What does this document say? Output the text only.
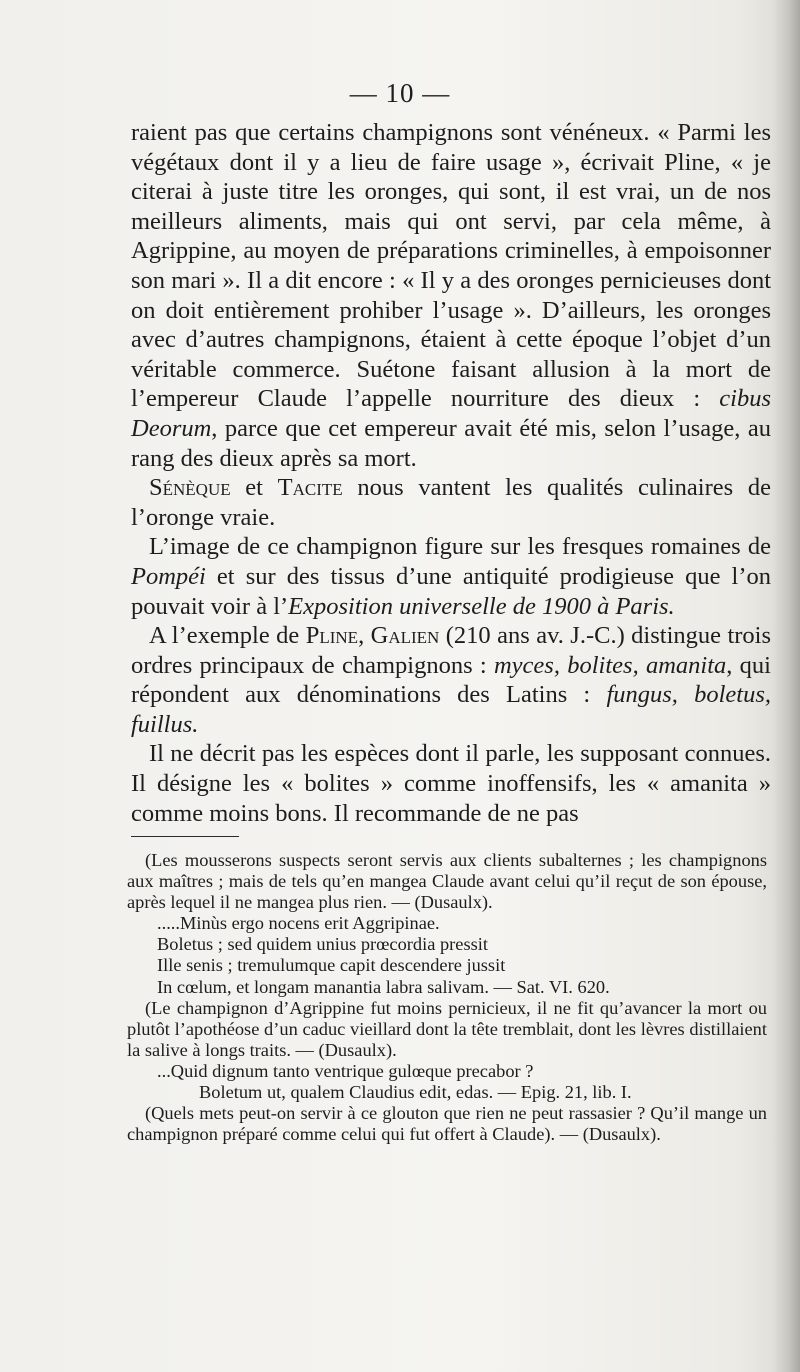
— 10 —

raient pas que certains champignons sont vénéneux. « Parmi les végétaux dont il y a lieu de faire usage », écrivait Pline, « je citerai à juste titre les oronges, qui sont, il est vrai, un de nos meilleurs aliments, mais qui ont servi, par cela même, à Agrippine, au moyen de préparations criminelles, à empoisonner son mari ». Il a dit encore : « Il y a des oronges pernicieuses dont on doit entièrement prohiber l’usage ». D’ailleurs, les oronges avec d’autres champignons, étaient à cette époque l’objet d’un véritable commerce. Suétone faisant allusion à la mort de l’empereur Claude l’appelle nourriture des dieux : cibus Deorum, parce que cet empereur avait été mis, selon l’usage, au rang des dieux après sa mort.

Sénèque et Tacite nous vantent les qualités culinaires de l’oronge vraie.

L’image de ce champignon figure sur les fresques romaines de Pompéi et sur des tissus d’une antiquité prodigieuse que l’on pouvait voir à l’Exposition universelle de 1900 à Paris.

A l’exemple de Pline, Galien (210 ans av. J.-C.) distingue trois ordres principaux de champignons : myces, bolites, amanita, qui répondent aux dénominations des Latins : fungus, boletus, fuillus.

Il ne décrit pas les espèces dont il parle, les supposant connues. Il désigne les « bolites » comme inoffensifs, les « amanita » comme moins bons. Il recommande de ne pas

(Les mousserons suspects seront servis aux clients subalternes ; les champignons aux maîtres ; mais de tels qu’en mangea Claude avant celui qu’il reçut de son épouse, après lequel il ne mangea plus rien. — (Dusaulx).

.....Minùs ergo nocens erit Aggripinae.

Boletus ; sed quidem unius prœcordia pressit

Ille senis ; tremulumque capit descendere jussit

In cœlum, et longam manantia labra salivam. — Sat. VI. 620.

(Le champignon d’Agrippine fut moins pernicieux, il ne fit qu’avancer la mort ou plutôt l’apothéose d’un caduc vieillard dont la tête tremblait, dont les lèvres distillaient la salive à longs traits. — (Dusaulx).

...Quid dignum tanto ventrique gulœque precabor ?

Boletum ut, qualem Claudius edit, edas. — Epig. 21, lib. I.

(Quels mets peut-on servir à ce glouton que rien ne peut rassasier ? Qu’il mange un champignon préparé comme celui qui fut offert à Claude). — (Dusaulx).
